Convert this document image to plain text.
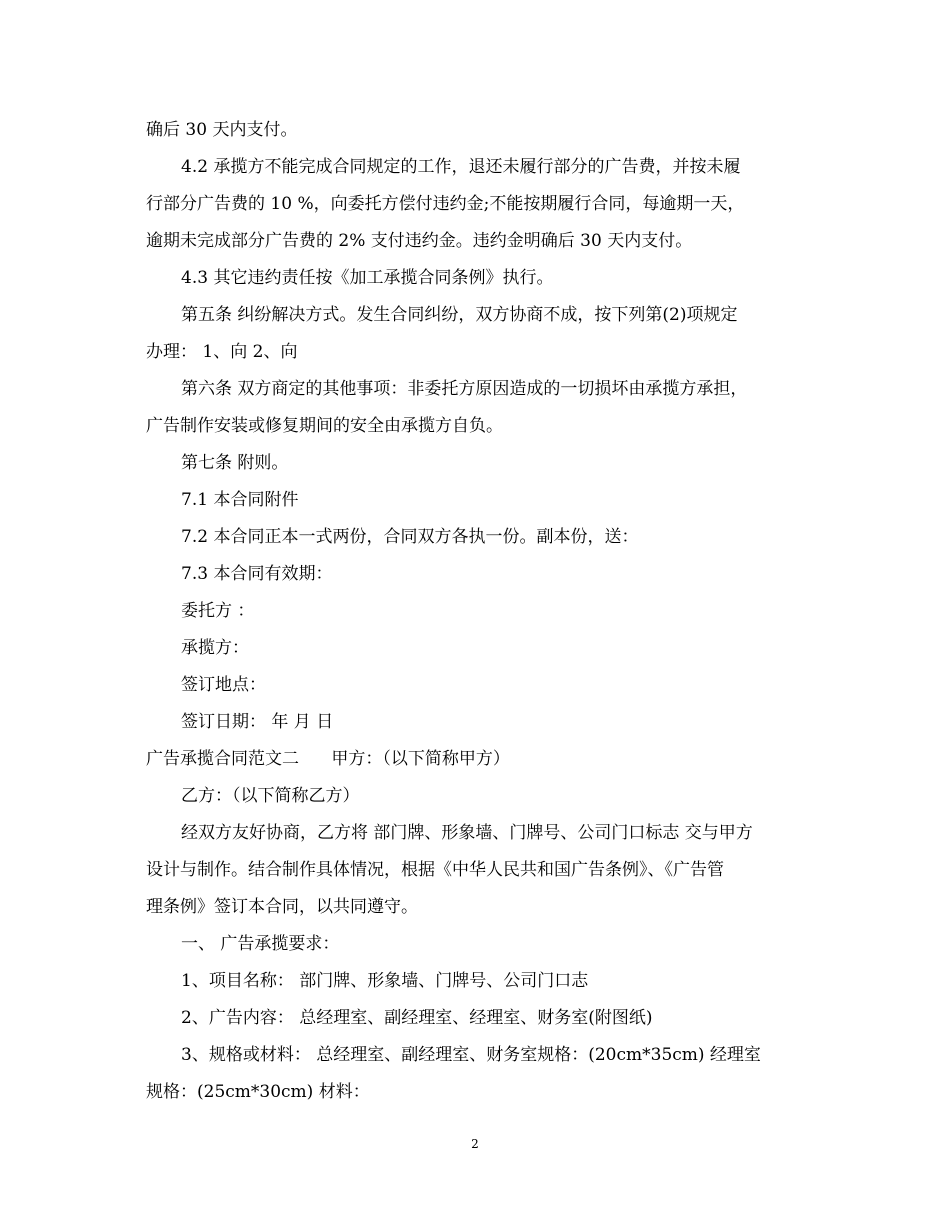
确后 30 天内支付。
4.2 承揽方不能完成合同规定的工作，退还未履行部分的广告费，并按未履
行部分广告费的 10 %，向委托方偿付违约金;不能按期履行合同，每逾期一天，
逾期未完成部分广告费的 2% 支付违约金。违约金明确后 30 天内支付。
4.3 其它违约责任按《加工承揽合同条例》执行。
第五条 纠纷解决方式。发生合同纠纷，双方协商不成，按下列第(2)项规定
办理： 1、向 2、向
第六条 双方商定的其他事项：非委托方原因造成的一切损坏由承揽方承担，
广告制作安装或修复期间的安全由承揽方自负。
第七条 附则。
7.1 本合同附件
7.2 本合同正本一式两份，合同双方各执一份。副本份，送：
7.3 本合同有效期：
委托方 ：
承揽方：
签订地点：
签订日期： 年 月 日
广告承揽合同范文二      甲方：（以下简称甲方）
乙方：（以下简称乙方）
经双方友好协商，乙方将 部门牌、形象墙、门牌号、公司门口标志 交与甲方
设计与制作。结合制作具体情况，根据《中华人民共和国广告条例》、《广告管
理条例》签订本合同，以共同遵守。
一、 广告承揽要求：
1、项目名称： 部门牌、形象墙、门牌号、公司门口志
2、广告内容： 总经理室、副经理室、经理室、财务室(附图纸)
3、规格或材料： 总经理室、副经理室、财务室规格：(20cm*35cm) 经理室
规格：(25cm*30cm) 材料：
2
